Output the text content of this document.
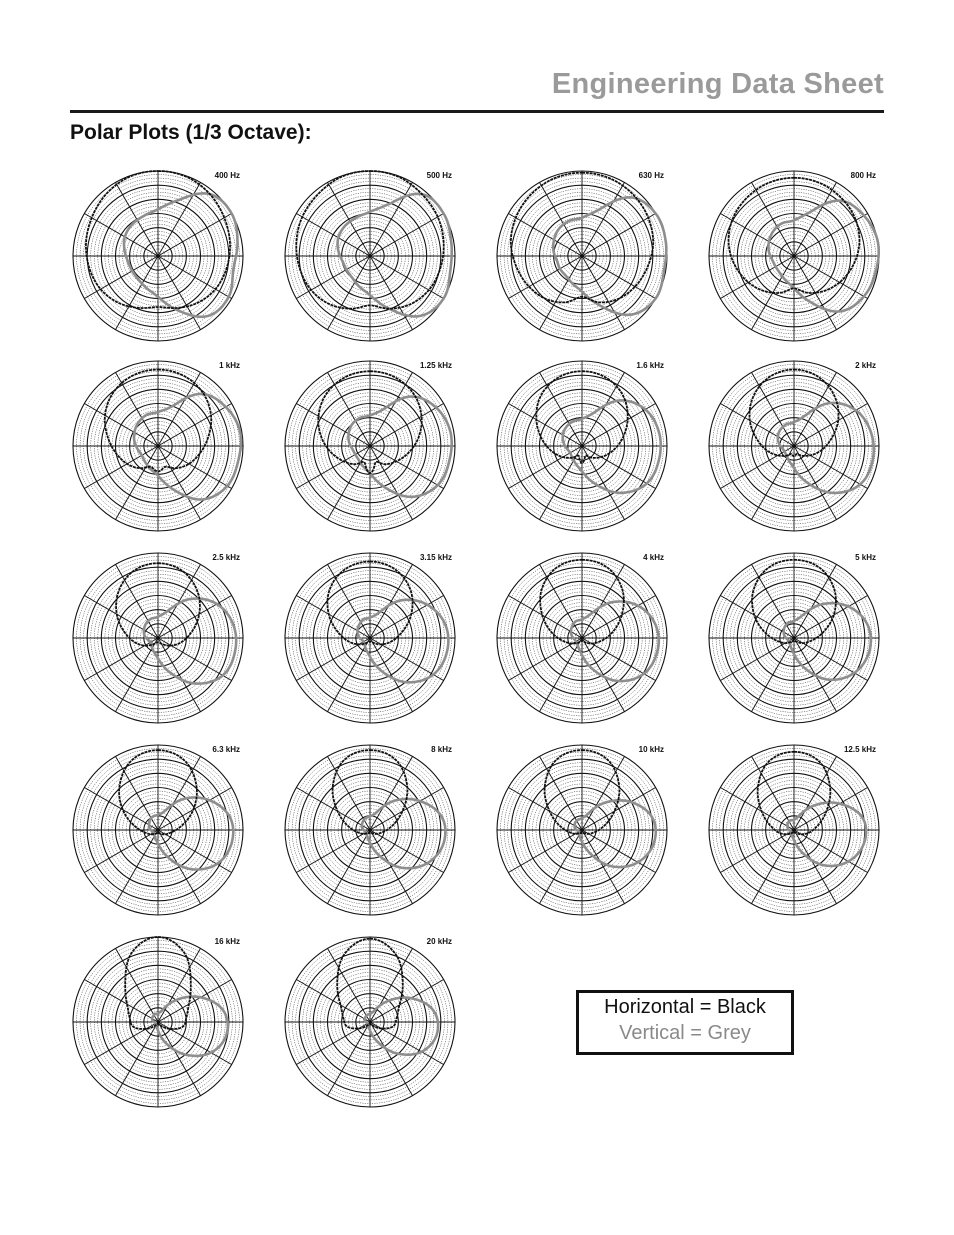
Engineering Data Sheet
Polar Plots (1/3 Octave):
400 Hz	500 Hz	630 Hz	800 Hz
1 kHz	1.25 kHz	1.6 kHz	2 kHz
2.5 kHz	3.15 kHz	4 kHz	5 kHz
6.3 kHz	8 kHz	10 kHz	12.5 kHz
16 kHz	20 kHz
Horizontal = Black
Vertical = Grey
